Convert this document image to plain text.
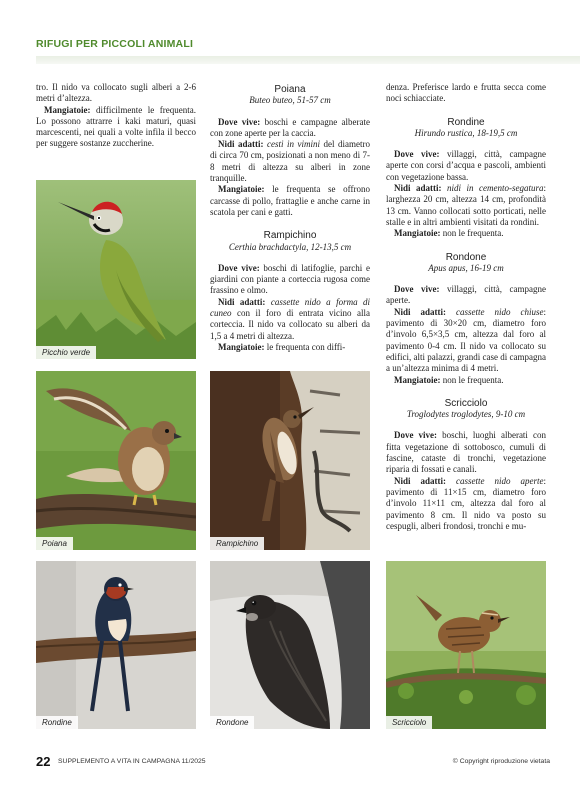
RIFUGI PER PICCOLI ANIMALI

tro. Il nido va collocato sugli alberi a 2-6 metri d’altezza.

Mangiatoie: difficilmente le frequenta. Lo possono attrarre i kaki maturi, quasi marcescenti, nei quali a volte infila il becco per suggere sostanze zuccherine.

Poiana
Buteo buteo, 51-57 cm

Dove vive: boschi e campagne alberate con zone aperte per la caccia.

Nidi adatti: cesti in vimini del diametro di circa 70 cm, posizionati a non meno di 7-8 metri di altezza su alberi in zone tranquille.

Mangiatoie: le frequenta se offrono carcasse di pollo, frattaglie e anche carne in scatola per cani e gatti.

Rampichino
Certhia brachdactyla, 12-13,5 cm

Dove vive: boschi di latifoglie, parchi e giardini con piante a corteccia rugosa come frassino e olmo.

Nidi adatti: cassette nido a forma di cuneo con il foro di entrata vicino alla corteccia. Il nido va collocato su alberi da 1,5 a 4 metri di altezza.

Mangiatoie: le frequenta con diffi-

denza. Preferisce lardo e frutta secca come noci schiacciate.

Rondine
Hirundo rustica, 18-19,5 cm

Dove vive: villaggi, città, campagne aperte con corsi d’acqua e pascoli, ambienti con vegetazione bassa.

Nidi adatti: nidi in cemento-segatura: larghezza 20 cm, altezza 14 cm, profondità 13 cm. Vanno collocati sotto porticati, nelle stalle e in altri ambienti visitati da rondini.

Mangiatoie: non le frequenta.

Rondone
Apus apus, 16-19 cm

Dove vive: villaggi, città, campagne aperte.

Nidi adatti: cassette nido chiuse: pavimento di 30×20 cm, diametro foro d’involo 6,5×3,5 cm, altezza dal foro al pavimento 0-4 cm. Il nido va collocato su edifici, alti palazzi, grandi case di campagna a un’altezza minima di 4 metri.

Mangiatoie: non le frequenta.

Scricciolo
Troglodytes troglodytes, 9-10 cm

Dove vive: boschi, luoghi alberati con fitta vegetazione di sottobosco, cumuli di fascine, cataste di tronchi, vegetazione riparia di fossati e canali.

Nidi adatti: cassette nido aperte: pavimento di 11×15 cm, diametro foro d’involo 11×11 cm, altezza dal foro al pavimento 8 cm. Il nido va posto su cespugli, alberi frondosi, tronchi e mu-

Picchio verde
Poiana	Rampichino
Rondine	Rondone	Scricciolo
22 SUPPLEMENTO A VITA IN CAMPAGNA 11/2025	© Copyright riproduzione vietata
